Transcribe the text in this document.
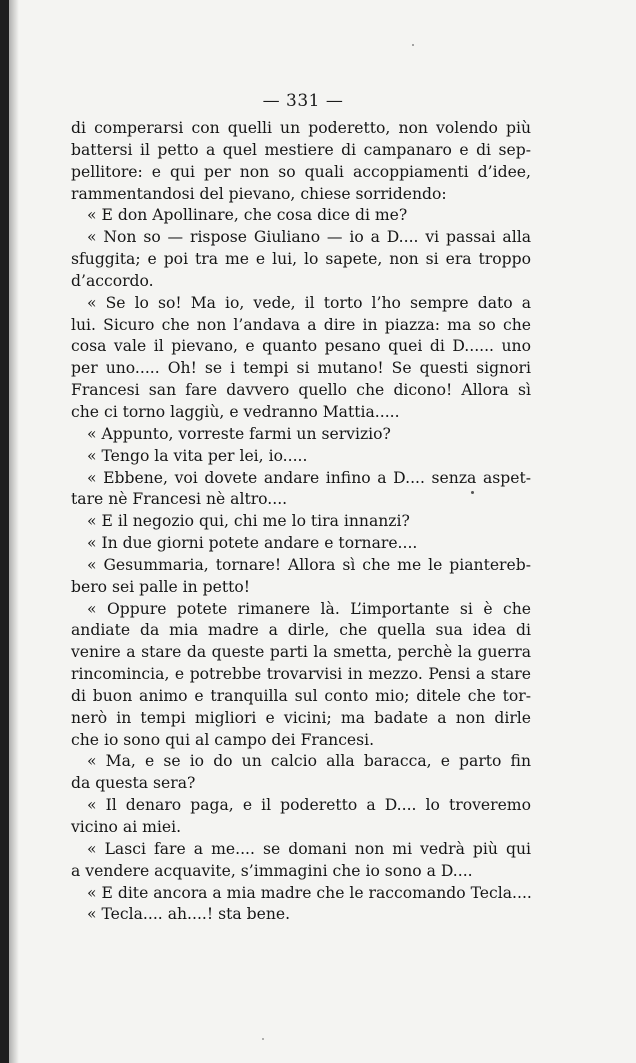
— 331 —
di comperarsi con quelli un poderetto, non volendo più
battersi il petto a quel mestiere di campanaro e di sep-
pellitore: e qui per non so quali accoppiamenti d’idee,
rammentandosi del pievano, chiese sorridendo:
« E don Apollinare, che cosa dice di me?
« Non so — rispose Giuliano — io a D.... vi passai alla
sfuggita; e poi tra me e lui, lo sapete, non si era troppo
d’accordo.
« Se lo so! Ma io, vede, il torto l’ho sempre dato a
lui. Sicuro che non l’andava a dire in piazza: ma so che
cosa vale il pievano, e quanto pesano quei di D...... uno
per uno..... Oh! se i tempi si mutano! Se questi signori
Francesi san fare davvero quello che dicono! Allora sì
che ci torno laggiù, e vedranno Mattia.....
« Appunto, vorreste farmi un servizio?
« Tengo la vita per lei, io.....
« Ebbene, voi dovete andare infino a D.... senza aspet-
tare nè Francesi nè altro....
« E il negozio qui, chi me lo tira innanzi?
« In due giorni potete andare e tornare....
« Gesummaria, tornare! Allora sì che me le piantereb-
bero sei palle in petto!
« Oppure potete rimanere là. L’importante si è che
andiate da mia madre a dirle, che quella sua idea di
venire a stare da queste parti la smetta, perchè la guerra
rincomincia, e potrebbe trovarvisi in mezzo. Pensi a stare
di buon animo e tranquilla sul conto mio; ditele che tor-
nerò in tempi migliori e vicini; ma badate a non dirle
che io sono qui al campo dei Francesi.
« Ma, e se io do un calcio alla baracca, e parto fin
da questa sera?
« Il denaro paga, e il poderetto a D.... lo troveremo
vicino ai miei.
« Lasci fare a me.... se domani non mi vedrà più qui
a vendere acquavite, s’immagini che io sono a D....
« E dite ancora a mia madre che le raccomando Tecla....
« Tecla.... ah....! sta bene.
